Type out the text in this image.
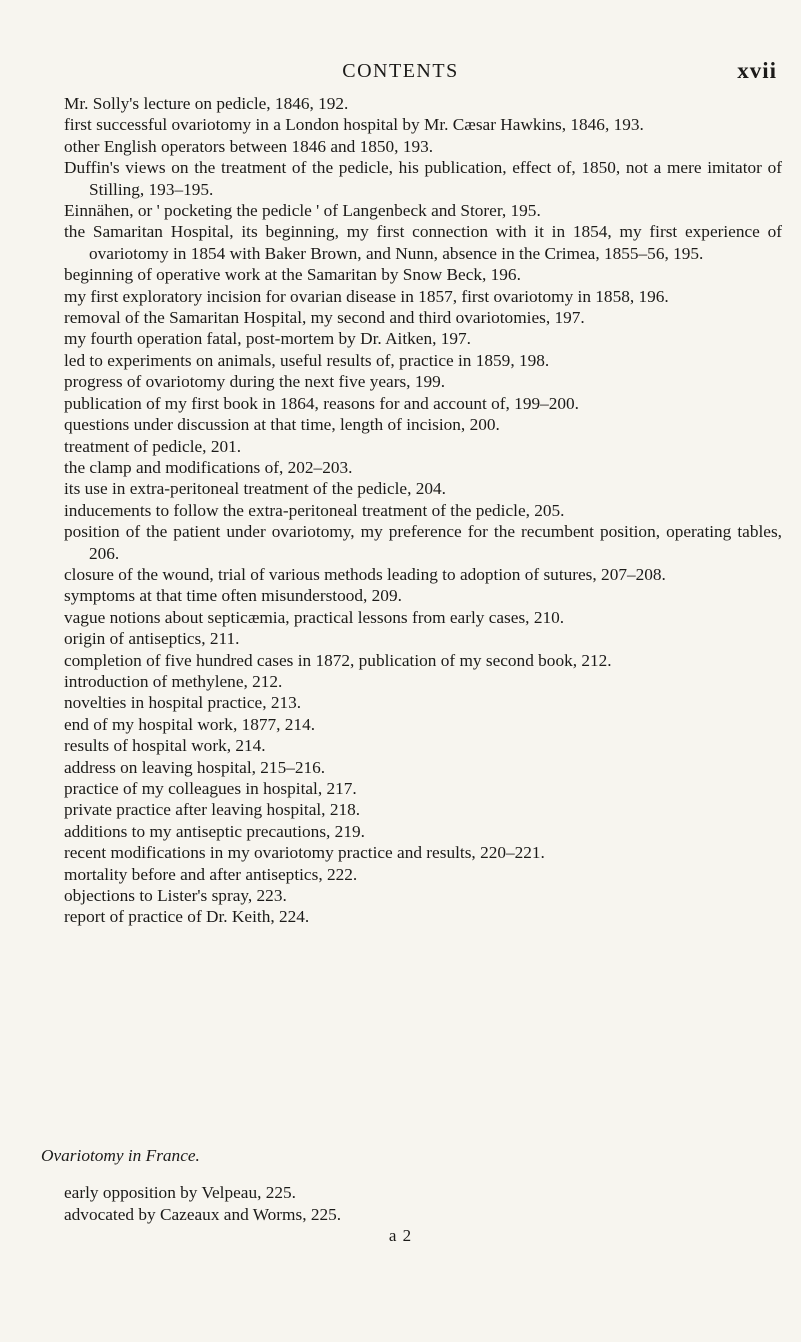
CONTENTS	xvii
Mr. Solly's lecture on pedicle, 1846, 192.
first successful ovariotomy in a London hospital by Mr. Cæsar Hawkins, 1846, 193.
other English operators between 1846 and 1850, 193.
Duffin's views on the treatment of the pedicle, his publication, effect of, 1850, not a mere imitator of Stilling, 193–195.
Einnähen, or ' pocketing the pedicle ' of Langenbeck and Storer, 195.
the Samaritan Hospital, its beginning, my first connection with it in 1854, my first experience of ovariotomy in 1854 with Baker Brown, and Nunn, absence in the Crimea, 1855–56, 195.
beginning of operative work at the Samaritan by Snow Beck, 196.
my first exploratory incision for ovarian disease in 1857, first ovariotomy in 1858, 196.
removal of the Samaritan Hospital, my second and third ovariotomies, 197.
my fourth operation fatal, post-mortem by Dr. Aitken, 197.
led to experiments on animals, useful results of, practice in 1859, 198.
progress of ovariotomy during the next five years, 199.
publication of my first book in 1864, reasons for and account of, 199–200.
questions under discussion at that time, length of incision, 200.
treatment of pedicle, 201.
the clamp and modifications of, 202–203.
its use in extra-peritoneal treatment of the pedicle, 204.
inducements to follow the extra-peritoneal treatment of the pedicle, 205.
position of the patient under ovariotomy, my preference for the recumbent position, operating tables, 206.
closure of the wound, trial of various methods leading to adoption of sutures, 207–208.
symptoms at that time often misunderstood, 209.
vague notions about septicæmia, practical lessons from early cases, 210.
origin of antiseptics, 211.
completion of five hundred cases in 1872, publication of my second book, 212.
introduction of methylene, 212.
novelties in hospital practice, 213.
end of my hospital work, 1877, 214.
results of hospital work, 214.
address on leaving hospital, 215–216.
practice of my colleagues in hospital, 217.
private practice after leaving hospital, 218.
additions to my antiseptic precautions, 219.
recent modifications in my ovariotomy practice and results, 220–221.
mortality before and after antiseptics, 222.
objections to Lister's spray, 223.
report of practice of Dr. Keith, 224.
Ovariotomy in France.
early opposition by Velpeau, 225.
advocated by Cazeaux and Worms, 225.
a 2
